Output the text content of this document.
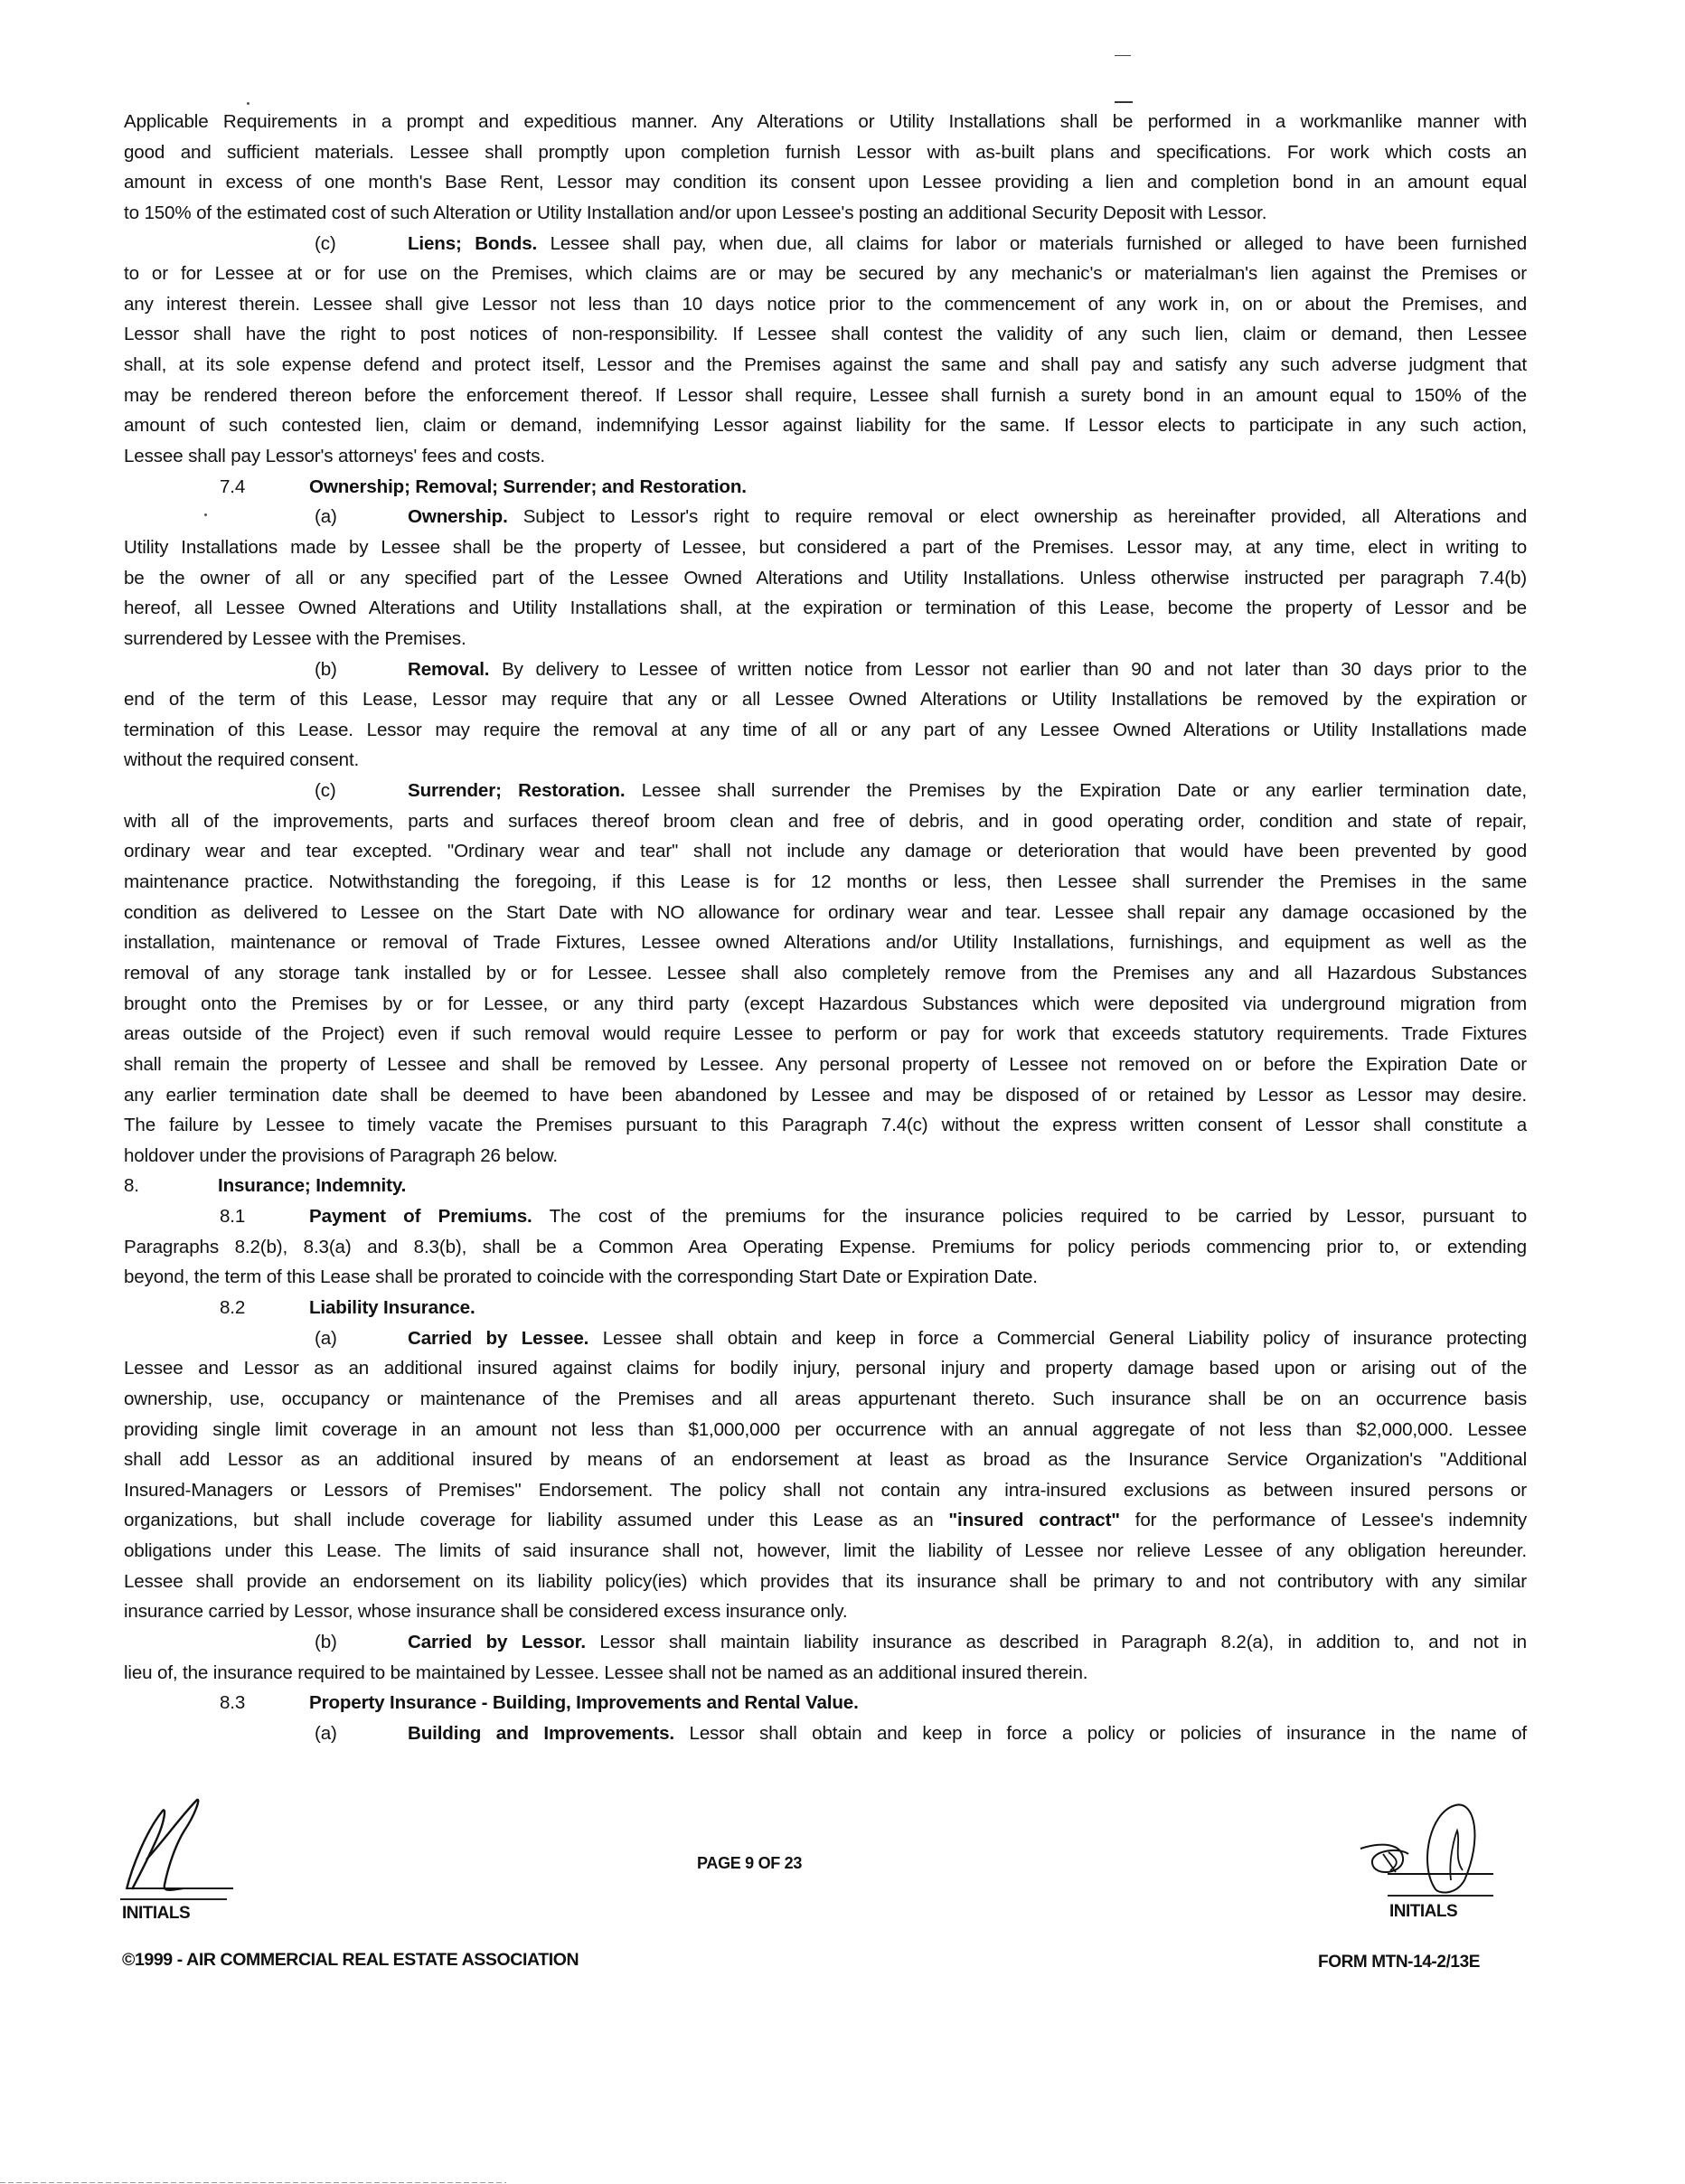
Applicable Requirements in a prompt and expeditious manner. Any Alterations or Utility Installations shall be performed in a workmanlike manner with
good and sufficient materials. Lessee shall promptly upon completion furnish Lessor with as-built plans and specifications. For work which costs an
amount in excess of one month's Base Rent, Lessor may condition its consent upon Lessee providing a lien and completion bond in an amount equal
to 150% of the estimated cost of such Alteration or Utility Installation and/or upon Lessee's posting an additional Security Deposit with Lessor.
(c)	Liens; Bonds. Lessee shall pay, when due, all claims for labor or materials furnished or alleged to have been furnished
to or for Lessee at or for use on the Premises, which claims are or may be secured by any mechanic's or materialman's lien against the Premises or
any interest therein. Lessee shall give Lessor not less than 10 days notice prior to the commencement of any work in, on or about the Premises, and
Lessor shall have the right to post notices of non-responsibility. If Lessee shall contest the validity of any such lien, claim or demand, then Lessee
shall, at its sole expense defend and protect itself, Lessor and the Premises against the same and shall pay and satisfy any such adverse judgment that
may be rendered thereon before the enforcement thereof. If Lessor shall require, Lessee shall furnish a surety bond in an amount equal to 150% of the
amount of such contested lien, claim or demand, indemnifying Lessor against liability for the same. If Lessor elects to participate in any such action,
Lessee shall pay Lessor's attorneys' fees and costs.
7.4	Ownership; Removal; Surrender; and Restoration.
(a)	Ownership. Subject to Lessor's right to require removal or elect ownership as hereinafter provided, all Alterations and
Utility Installations made by Lessee shall be the property of Lessee, but considered a part of the Premises. Lessor may, at any time, elect in writing to
be the owner of all or any specified part of the Lessee Owned Alterations and Utility Installations. Unless otherwise instructed per paragraph 7.4(b)
hereof, all Lessee Owned Alterations and Utility Installations shall, at the expiration or termination of this Lease, become the property of Lessor and be
surrendered by Lessee with the Premises.
(b)	Removal. By delivery to Lessee of written notice from Lessor not earlier than 90 and not later than 30 days prior to the
end of the term of this Lease, Lessor may require that any or all Lessee Owned Alterations or Utility Installations be removed by the expiration or
termination of this Lease. Lessor may require the removal at any time of all or any part of any Lessee Owned Alterations or Utility Installations made
without the required consent.
(c)	Surrender; Restoration. Lessee shall surrender the Premises by the Expiration Date or any earlier termination date,
with all of the improvements, parts and surfaces thereof broom clean and free of debris, and in good operating order, condition and state of repair,
ordinary wear and tear excepted. "Ordinary wear and tear" shall not include any damage or deterioration that would have been prevented by good
maintenance practice. Notwithstanding the foregoing, if this Lease is for 12 months or less, then Lessee shall surrender the Premises in the same
condition as delivered to Lessee on the Start Date with NO allowance for ordinary wear and tear. Lessee shall repair any damage occasioned by the
installation, maintenance or removal of Trade Fixtures, Lessee owned Alterations and/or Utility Installations, furnishings, and equipment as well as the
removal of any storage tank installed by or for Lessee. Lessee shall also completely remove from the Premises any and all Hazardous Substances
brought onto the Premises by or for Lessee, or any third party (except Hazardous Substances which were deposited via underground migration from
areas outside of the Project) even if such removal would require Lessee to perform or pay for work that exceeds statutory requirements. Trade Fixtures
shall remain the property of Lessee and shall be removed by Lessee. Any personal property of Lessee not removed on or before the Expiration Date or
any earlier termination date shall be deemed to have been abandoned by Lessee and may be disposed of or retained by Lessor as Lessor may desire.
The failure by Lessee to timely vacate the Premises pursuant to this Paragraph 7.4(c) without the express written consent of Lessor shall constitute a
holdover under the provisions of Paragraph 26 below.
8.	Insurance; Indemnity.
8.1	Payment of Premiums. The cost of the premiums for the insurance policies required to be carried by Lessor, pursuant to
Paragraphs 8.2(b), 8.3(a) and 8.3(b), shall be a Common Area Operating Expense. Premiums for policy periods commencing prior to, or extending
beyond, the term of this Lease shall be prorated to coincide with the corresponding Start Date or Expiration Date.
8.2	Liability Insurance.
(a)	Carried by Lessee. Lessee shall obtain and keep in force a Commercial General Liability policy of insurance protecting
Lessee and Lessor as an additional insured against claims for bodily injury, personal injury and property damage based upon or arising out of the
ownership, use, occupancy or maintenance of the Premises and all areas appurtenant thereto. Such insurance shall be on an occurrence basis
providing single limit coverage in an amount not less than $1,000,000 per occurrence with an annual aggregate of not less than $2,000,000. Lessee
shall add Lessor as an additional insured by means of an endorsement at least as broad as the Insurance Service Organization's "Additional
Insured-Managers or Lessors of Premises" Endorsement. The policy shall not contain any intra-insured exclusions as between insured persons or
organizations, but shall include coverage for liability assumed under this Lease as an "insured contract" for the performance of Lessee's indemnity
obligations under this Lease. The limits of said insurance shall not, however, limit the liability of Lessee nor relieve Lessee of any obligation hereunder.
Lessee shall provide an endorsement on its liability policy(ies) which provides that its insurance shall be primary to and not contributory with any similar
insurance carried by Lessor, whose insurance shall be considered excess insurance only.
(b)	Carried by Lessor. Lessor shall maintain liability insurance as described in Paragraph 8.2(a), in addition to, and not in
lieu of, the insurance required to be maintained by Lessee. Lessee shall not be named as an additional insured therein.
8.3	Property Insurance - Building, Improvements and Rental Value.
(a)	Building and Improvements. Lessor shall obtain and keep in force a policy or policies of insurance in the name of
INITIALS
PAGE 9 OF 23
INITIALS
©1999 - AIR COMMERCIAL REAL ESTATE ASSOCIATION	FORM MTN-14-2/13E
